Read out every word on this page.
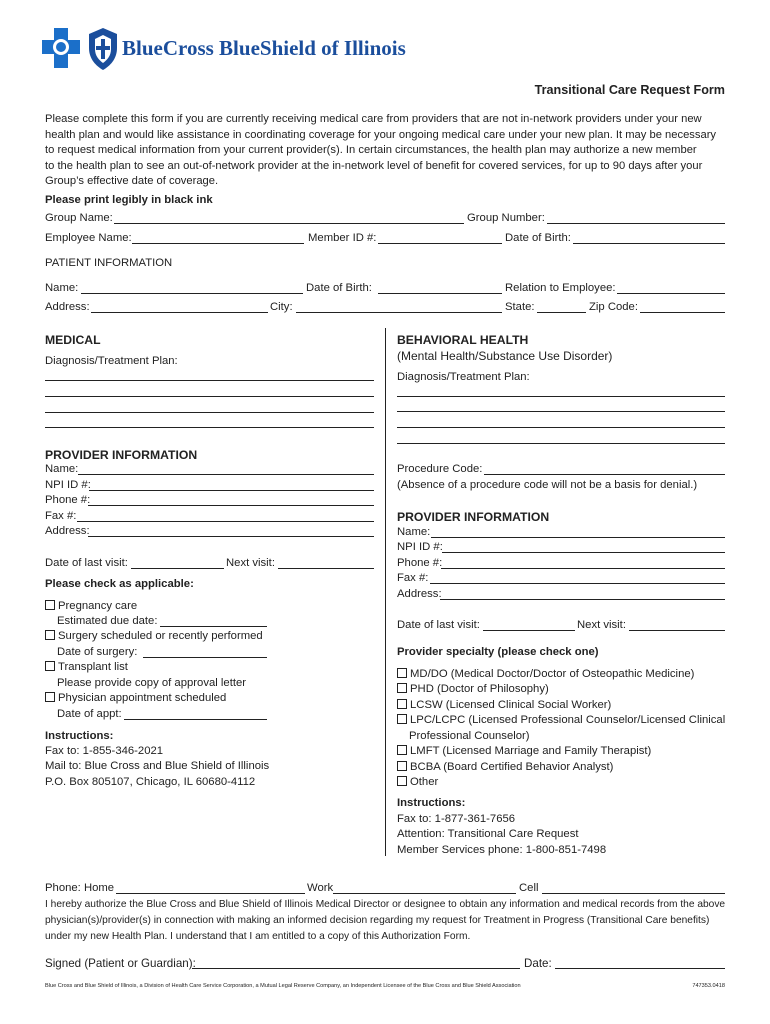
BlueCross BlueShield of Illinois
Transitional Care Request Form
Please complete this form if you are currently receiving medical care from providers that are not in-network providers under your new
health plan and would like assistance in coordinating coverage for your ongoing medical care under your new plan. It may be necessary
to request medical information from your current provider(s). In certain circumstances, the health plan may authorize a new member
to the health plan to see an out-of-network provider at the in-network level of benefit for covered services, for up to 90 days after your
Group’s effective date of coverage.
Please print legibly in black ink
Group Name:	Group Number:
Employee Name:	Member ID #:	Date of Birth:
PATIENT INFORMATION
Name:	Date of Birth:	Relation to Employee:
Address:	City:	State:	Zip Code:
MEDICAL
Diagnosis/Treatment Plan:
PROVIDER INFORMATION
Name:
NPI ID #:
Phone #:
Fax #:
Address:
Date of last visit:	Next visit:
Please check as applicable:
Pregnancy care
Estimated due date:
Surgery scheduled or recently performed
Date of surgery:
Transplant list
Please provide copy of approval letter
Physician appointment scheduled
Date of appt:
Instructions:
Fax to: 1-855-346-2021
Mail to: Blue Cross and Blue Shield of Illinois
P.O. Box 805107, Chicago, IL 60680-4112
BEHAVIORAL HEALTH
(Mental Health/Substance Use Disorder)
Diagnosis/Treatment Plan:
Procedure Code:
(Absence of a procedure code will not be a basis for denial.)
PROVIDER INFORMATION
Name:
NPI ID #:
Phone #:
Fax #:
Address:
Date of last visit:	Next visit:
Provider specialty (please check one)
MD/DO (Medical Doctor/Doctor of Osteopathic Medicine)
PHD (Doctor of Philosophy)
LCSW (Licensed Clinical Social Worker)
LPC/LCPC (Licensed Professional Counselor/Licensed Clinical
Professional Counselor)
LMFT (Licensed Marriage and Family Therapist)
BCBA (Board Certified Behavior Analyst)
Other
Instructions:
Fax to: 1-877-361-7656
Attention: Transitional Care Request
Member Services phone: 1-800-851-7498
Phone: Home	Work	Cell
I hereby authorize the Blue Cross and Blue Shield of Illinois Medical Director or designee to obtain any information and medical records from the above
physician(s)/provider(s) in connection with making an informed decision regarding my request for Treatment in Progress (Transitional Care benefits)
under my new Health Plan. I understand that I am entitled to a copy of this Authorization Form.
Signed (Patient or Guardian):	Date:
Blue Cross and Blue Shield of Illinois, a Division of Health Care Service Corporation, a Mutual Legal Reserve Company, an Independent Licensee of the Blue Cross and Blue Shield Association	747353.0418
